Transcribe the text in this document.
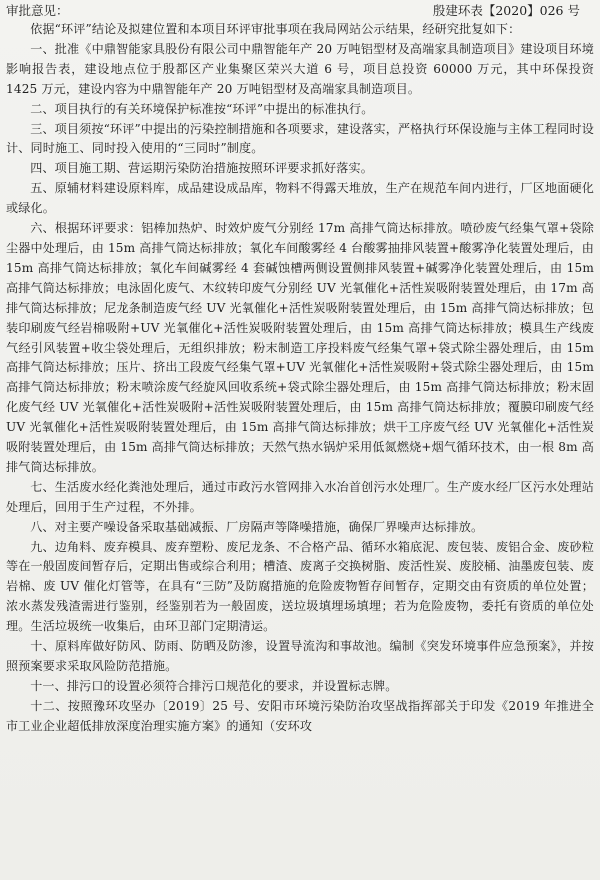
审批意见：	殷建环表【2020】026 号

依据“环评”结论及拟建位置和本项目环评审批事项在我局网站公示结果，经研究批复如下：

一、批准《中鼎智能家具股份有限公司中鼎智能年产 20 万吨铝型材及高端家具制造项目》建设项目环境影响报告表，建设地点位于殷都区产业集聚区荣兴大道 6 号，项目总投资 60000 万元，其中环保投资 1425 万元，建设内容为中鼎智能年产 20 万吨铝型材及高端家具制造项目。

二、项目执行的有关环境保护标准按“环评”中提出的标准执行。

三、项目须按“环评”中提出的污染控制措施和各项要求，建设落实，严格执行环保设施与主体工程同时设计、同时施工、同时投入使用的“三同时”制度。

四、项目施工期、营运期污染防治措施按照环评要求抓好落实。

五、原辅材料建设原料库，成品建设成品库，物料不得露天堆放，生产在规范车间内进行，厂区地面硬化或绿化。

六、根据环评要求：铝棒加热炉、时效炉废气分别经 17m 高排气筒达标排放。喷砂废气经集气罩+袋除尘器中处理后，由 15m 高排气筒达标排放；氧化车间酸雾经 4 台酸雾抽排风装置+酸雾净化装置处理后，由 15m 高排气筒达标排放；氧化车间碱雾经 4 套碱蚀槽两侧设置侧排风装置+碱雾净化装置处理后，由 15m 高排气筒达标排放；电泳固化废气、木纹转印废气分别经 UV 光氧催化+活性炭吸附装置处理后，由 17m 高排气筒达标排放；尼龙条制造废气经 UV 光氧催化+活性炭吸附装置处理后，由 15m 高排气筒达标排放；包装印刷废气经岩棉吸附+UV 光氧催化+活性炭吸附装置处理后，由 15m 高排气筒达标排放；模具生产线废气经引风装置+收尘袋处理后，无组织排放；粉末制造工序投料废气经集气罩+袋式除尘器处理后，由 15m 高排气筒达标排放；压片、挤出工段废气经集气罩+UV 光氧催化+活性炭吸附+袋式除尘器处理后，由 15m 高排气筒达标排放；粉末喷涂废气经旋风回收系统+袋式除尘器处理后，由 15m 高排气筒达标排放；粉末固化废气经 UV 光氧催化+活性炭吸附+活性炭吸附装置处理后，由 15m 高排气筒达标排放；覆膜印刷废气经 UV 光氧催化+活性炭吸附装置处理后，由 15m 高排气筒达标排放；烘干工序废气经 UV 光氧催化+活性炭吸附装置处理后，由 15m 高排气筒达标排放；天然气热水锅炉采用低氮燃烧+烟气循环技术，由一根 8m 高排气筒达标排放。

七、生活废水经化粪池处理后，通过市政污水管网排入水冶首创污水处理厂。生产废水经厂区污水处理站处理后，回用于生产过程，不外排。

八、对主要产噪设备采取基础减振、厂房隔声等降噪措施，确保厂界噪声达标排放。

九、边角料、废弃模具、废弃塑粉、废尼龙条、不合格产品、循环水箱底泥、废包装、废铝合金、废砂粒等在一般固废间暂存后，定期出售或综合利用；槽渣、废离子交换树脂、废活性炭、废胶桶、油墨废包装、废岩棉、废 UV 催化灯管等，在具有“三防”及防腐措施的危险废物暂存间暂存，定期交由有资质的单位处置；浓水蒸发残渣需进行鉴别，经鉴别若为一般固废，送垃圾填埋场填埋；若为危险废物，委托有资质的单位处理。生活垃圾统一收集后，由环卫部门定期清运。

十、原料库做好防风、防雨、防晒及防渗，设置导流沟和事故池。编制《突发环境事件应急预案》，并按照预案要求采取风险防范措施。

十一、排污口的设置必须符合排污口规范化的要求，并设置标志牌。

十二、按照豫环攻坚办〔2019〕25 号、安阳市环境污染防治攻坚战指挥部关于印发《2019 年推进全市工业企业超低排放深度治理实施方案》的通知（安环攻
